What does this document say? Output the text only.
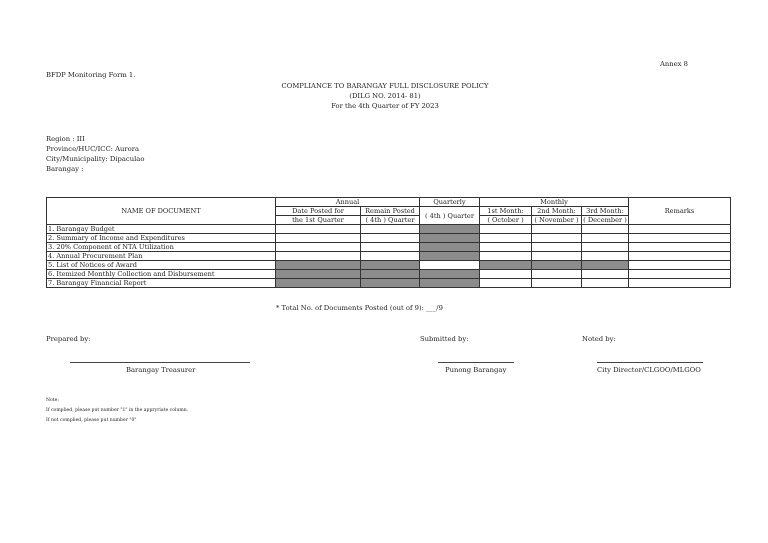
Annex 8
BFDP Monitoring Form 1.
COMPLIANCE TO BARANGAY FULL DISCLOSURE POLICY
(DILG NO. 2014- 81)
For the 4th Quarter of FY 2023
Region : III
Province/HUC/ICC: Aurora
City/Municipality: Dipaculao
Barangay :
NAME OF DOCUMENT	Annual		Quarterly	Monthly			Remarks
	Date Posted for	Remain Posted	( 4th ) Quarter	1st Month:	2nd Month:	3rd Month:	
	the 1st Quarter	( 4th ) Quarter		( October )	( November )	( December )	
1. Barangay Budget							
2. Summary of Income and Expenditures							
3. 20% Component of NTA Utilization							
4. Annual Procurement Plan							
5. List of Notices of Award							
6. Itemized Monthly Collection and Disbursement							
7. Barangay Financial Report							
* Total No. of Documents Posted (out of 9): ___/9
Prepared by:	Submitted by:	Noted by:
Barangay Treasurer	Punong Barangay	City Director/CLGOO/MLGOO
Note:
If complied, please put number "1" in the appryriate column.
If not complied, please put number "0"
